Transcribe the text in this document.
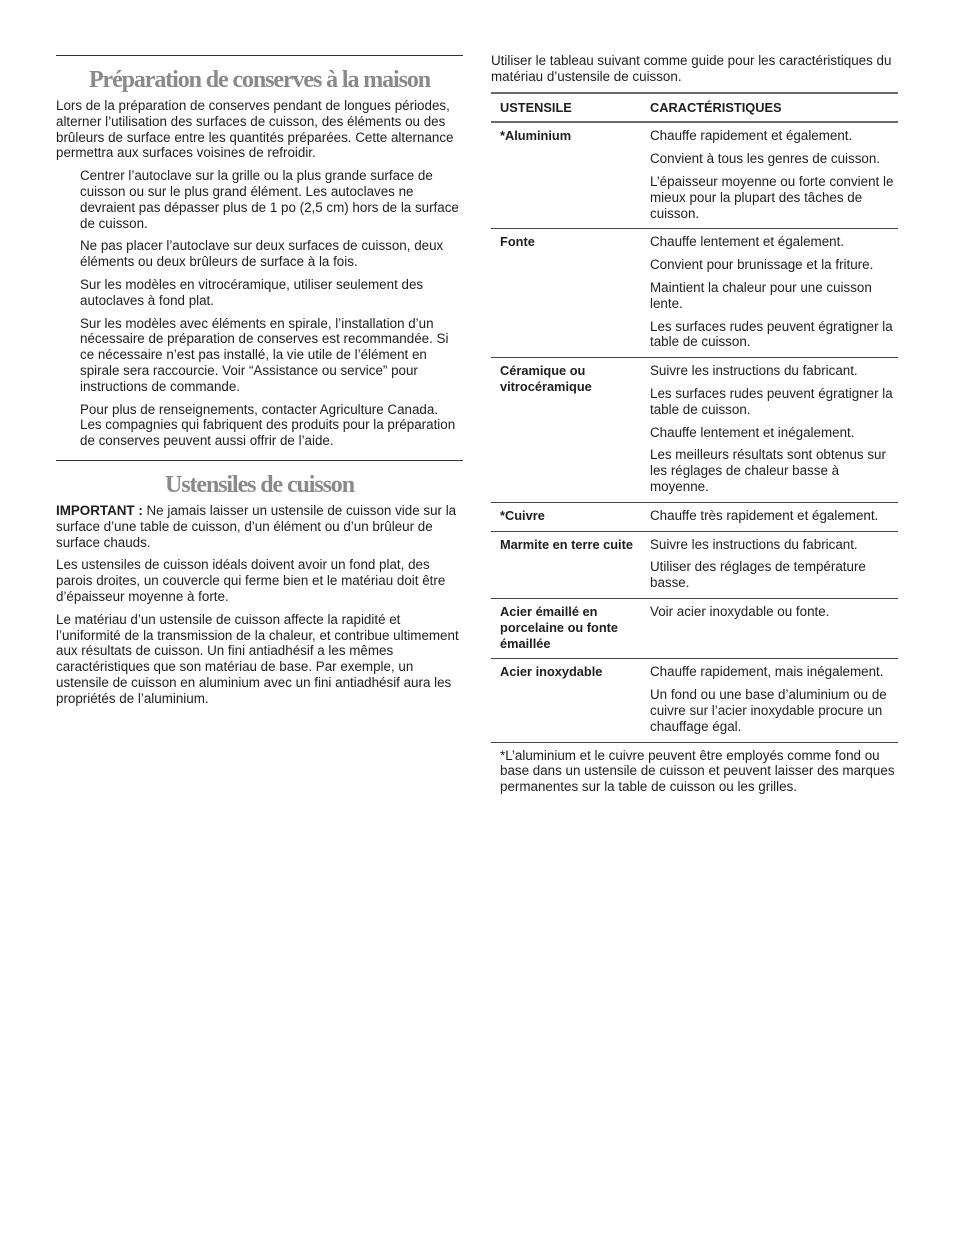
Préparation de conserves à la maison

Lors de la préparation de conserves pendant de longues périodes, alterner l’utilisation des surfaces de cuisson, des éléments ou des brûleurs de surface entre les quantités préparées. Cette alternance permettra aux surfaces voisines de refroidir.

Centrer l’autoclave sur la grille ou la plus grande surface de cuisson ou sur le plus grand élément. Les autoclaves ne devraient pas dépasser plus de 1 po (2,5 cm) hors de la surface de cuisson.

Ne pas placer l’autoclave sur deux surfaces de cuisson, deux éléments ou deux brûleurs de surface à la fois.

Sur les modèles en vitrocéramique, utiliser seulement des autoclaves à fond plat.

Sur les modèles avec éléments en spirale, l’installation d’un nécessaire de préparation de conserves est recommandée. Si ce nécessaire n’est pas installé, la vie utile de l’élément en spirale sera raccourcie. Voir “Assistance ou service” pour instructions de commande.

Pour plus de renseignements, contacter Agriculture Canada. Les compagnies qui fabriquent des produits pour la préparation de conserves peuvent aussi offrir de l’aide.

Ustensiles de cuisson

IMPORTANT : Ne jamais laisser un ustensile de cuisson vide sur la surface d’une table de cuisson, d’un élément ou d’un brûleur de surface chauds.

Les ustensiles de cuisson idéals doivent avoir un fond plat, des parois droites, un couvercle qui ferme bien et le matériau doit être d’épaisseur moyenne à forte.

Le matériau d’un ustensile de cuisson affecte la rapidité et l’uniformité de la transmission de la chaleur, et contribue ultimement aux résultats de cuisson. Un fini antiadhésif a les mêmes caractéristiques que son matériau de base. Par exemple, un ustensile de cuisson en aluminium avec un fini antiadhésif aura les propriétés de l’aluminium.

Utiliser le tableau suivant comme guide pour les caractéristiques du matériau d’ustensile de cuisson.

USTENSILE	CARACTÉRISTIQUES
*Aluminium	Chauffe rapidement et également.

Convient à tous les genres de cuisson.

L’épaisseur moyenne ou forte convient le mieux pour la plupart des tâches de cuisson.

Fonte	Chauffe lentement et également.

Convient pour brunissage et la friture.

Maintient la chaleur pour une cuisson lente.

Les surfaces rudes peuvent égratigner la table de cuisson.

Céramique ou vitrocéramique	Suivre les instructions du fabricant.

Les surfaces rudes peuvent égratigner la table de cuisson.

Chauffe lentement et inégalement.

Les meilleurs résultats sont obtenus sur les réglages de chaleur basse à moyenne.

*Cuivre	Chauffe très rapidement et également.

Marmite en terre cuite	Suivre les instructions du fabricant.

Utiliser des réglages de température basse.

Acier émaillé en porcelaine ou fonte émaillée	Voir acier inoxydable ou fonte.

Acier inoxydable	Chauffe rapidement, mais inégalement.

Un fond ou une base d’aluminium ou de cuivre sur l’acier inoxydable procure un chauffage égal.

*L’aluminium et le cuivre peuvent être employés comme fond ou base dans un ustensile de cuisson et peuvent laisser des marques permanentes sur la table de cuisson ou les grilles.
